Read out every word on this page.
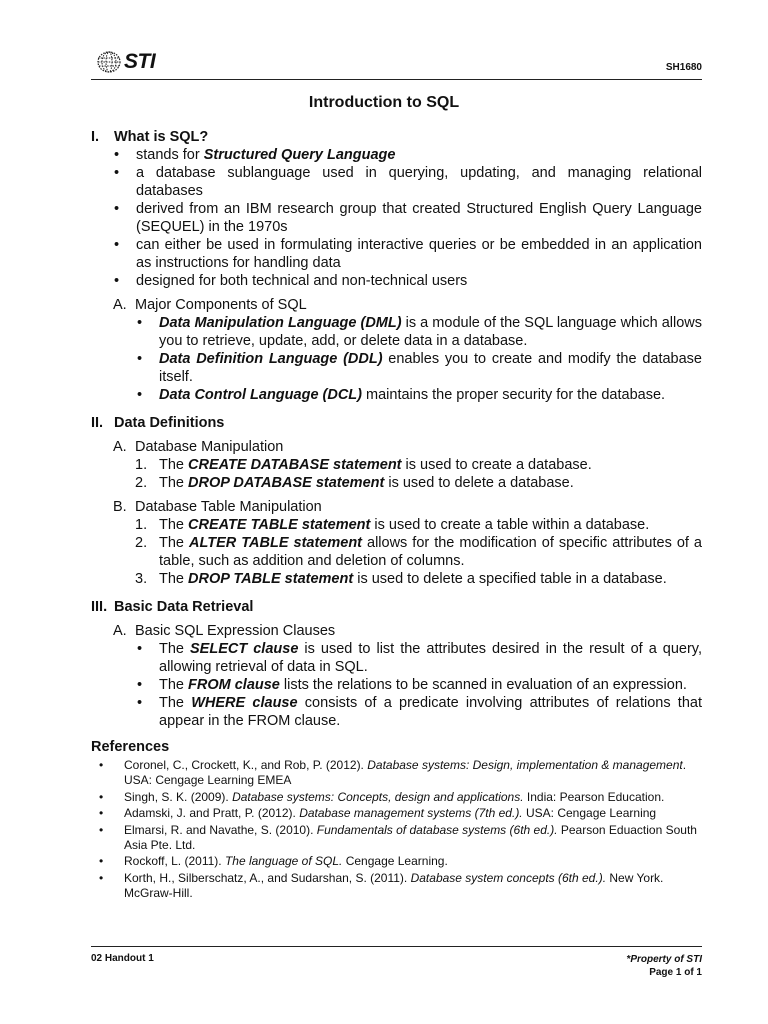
STI	SH1680
Introduction to SQL
I.	What is SQL?
• stands for Structured Query Language
• a database sublanguage used in querying, updating, and managing relational databases
• derived from an IBM research group that created Structured English Query Language (SEQUEL) in the 1970s
• can either be used in formulating interactive queries or be embedded in an application as instructions for handling data
• designed for both technical and non-technical users
A. Major Components of SQL
• Data Manipulation Language (DML) is a module of the SQL language which allows you to retrieve, update, add, or delete data in a database.
• Data Definition Language (DDL) enables you to create and modify the database itself.
• Data Control Language (DCL) maintains the proper security for the database.
II. Data Definitions
A. Database Manipulation
1. The CREATE DATABASE statement is used to create a database.
2. The DROP DATABASE statement is used to delete a database.
B. Database Table Manipulation
1. The CREATE TABLE statement is used to create a table within a database.
2. The ALTER TABLE statement allows for the modification of specific attributes of a table, such as addition and deletion of columns.
3. The DROP TABLE statement is used to delete a specified table in a database.
III. Basic Data Retrieval
A. Basic SQL Expression Clauses
• The SELECT clause is used to list the attributes desired in the result of a query, allowing retrieval of data in SQL.
• The FROM clause lists the relations to be scanned in evaluation of an expression.
• The WHERE clause consists of a predicate involving attributes of relations that appear in the FROM clause.
References
• Coronel, C., Crockett, K., and Rob, P. (2012). Database systems: Design, implementation & management. USA: Cengage Learning EMEA
• Singh, S. K. (2009). Database systems: Concepts, design and applications. India: Pearson Education.
• Adamski, J. and Pratt, P. (2012). Database management systems (7th ed.). USA: Cengage Learning
• Elmarsi, R. and Navathe, S. (2010). Fundamentals of database systems (6th ed.). Pearson Eduaction South Asia Pte. Ltd.
• Rockoff, L. (2011). The language of SQL. Cengage Learning.
• Korth, H., Silberschatz, A., and Sudarshan, S. (2011). Database system concepts (6th ed.). New York. McGraw-Hill.
02 Handout 1	*Property of STI
Page 1 of 1
